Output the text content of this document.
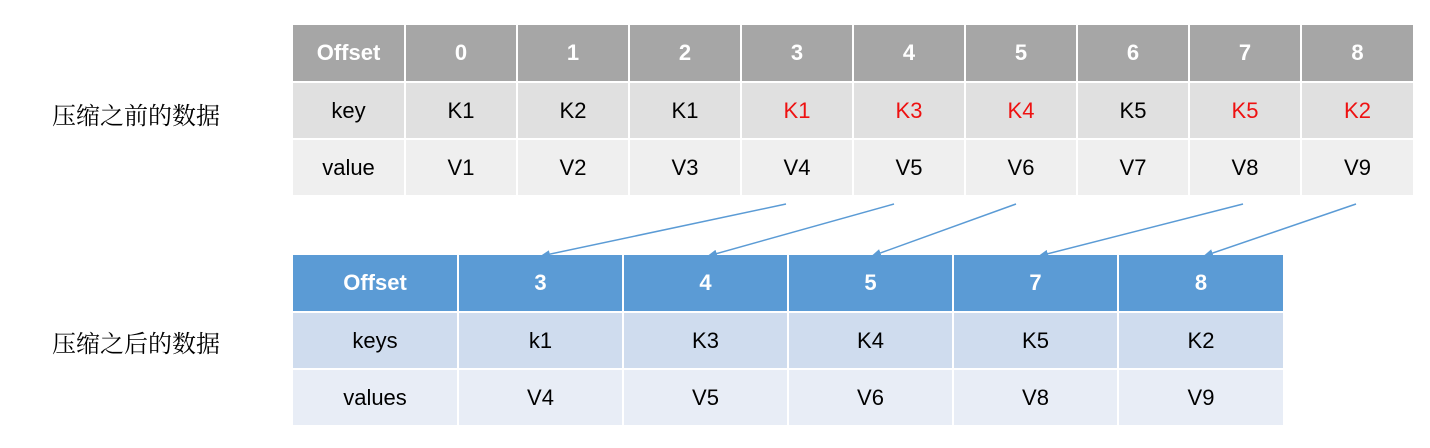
压缩之前的数据
压缩之后的数据
Offset	0	1	2	3	4	5	6	7	8
key	K1	K2	K1	K1	K3	K4	K5	K5	K2
value	V1	V2	V3	V4	V5	V6	V7	V8	V9
Offset	3	4	5	7	8
keys	k1	K3	K4	K5	K2
values	V4	V5	V6	V8	V9
